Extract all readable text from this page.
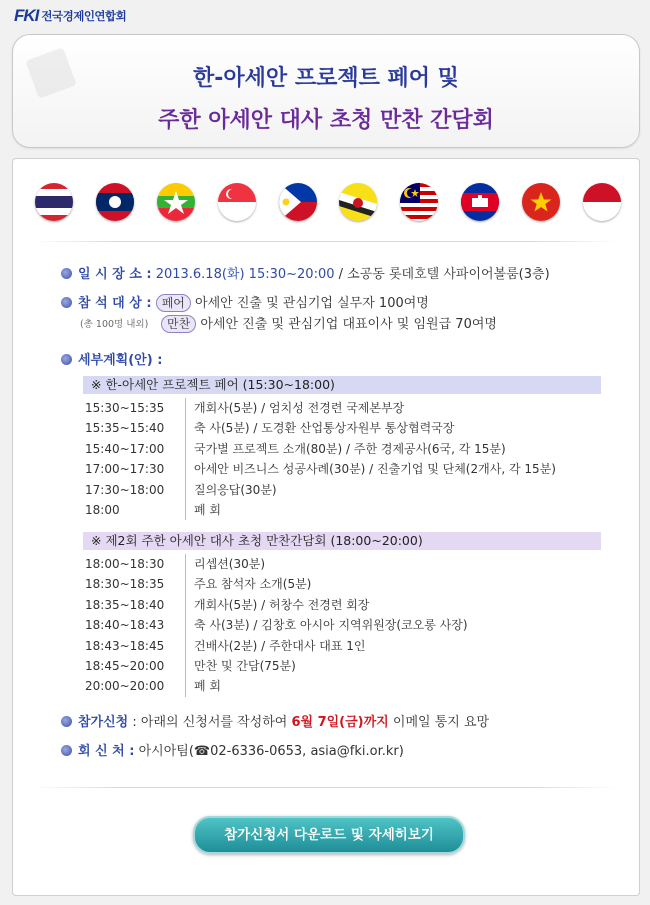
FKI 전국경제인연합회
한-아세안 프로젝트 페어 및
주한 아세안 대사 초청 만찬 간담회
일 시 장 소 : 2013.6.18(화) 15:30~20:00 / 소공동 롯데호텔 사파이어볼룸(3층)
참 석 대 상 : 페어 아세안 진출 및 관심기업 실무자 100여명
(총 100명 내외)	만찬 아세안 진출 및 관심기업 대표이사 및 임원급 70여명
세부계획(안) :
※ 한-아세안 프로젝트 페어 (15:30~18:00)
15:30~15:35	개회사(5분) / 엄치성 전경련 국제본부장
15:35~15:40	축 사(5분) / 도경환 산업통상자원부 통상협력국장
15:40~17:00	국가별 프로젝트 소개(80분) / 주한 경제공사(6국, 각 15분)
17:00~17:30	아세안 비즈니스 성공사례(30분) / 진출기업 및 단체(2개사, 각 15분)
17:30~18:00	질의응답(30분)
18:00	폐 회
※ 제2회 주한 아세안 대사 초청 만찬간담회 (18:00~20:00)
18:00~18:30	리셉션(30분)
18:30~18:35	주요 참석자 소개(5분)
18:35~18:40	개회사(5분) / 허창수 전경련 회장
18:40~18:43	축 사(3분) / 김창호 아시아 지역위원장(코오롱 사장)
18:43~18:45	건배사(2분) / 주한대사 대표 1인
18:45~20:00	만찬 및 간담(75분)
20:00~20:00	폐 회
참가신청 : 아래의 신청서를 작성하여 6월 7일(금)까지 이메일 통지 요망
회 신 처 : 아시아팀(☎02-6336-0653, asia@fki.or.kr)
참가신청서 다운로드 및 자세히보기
